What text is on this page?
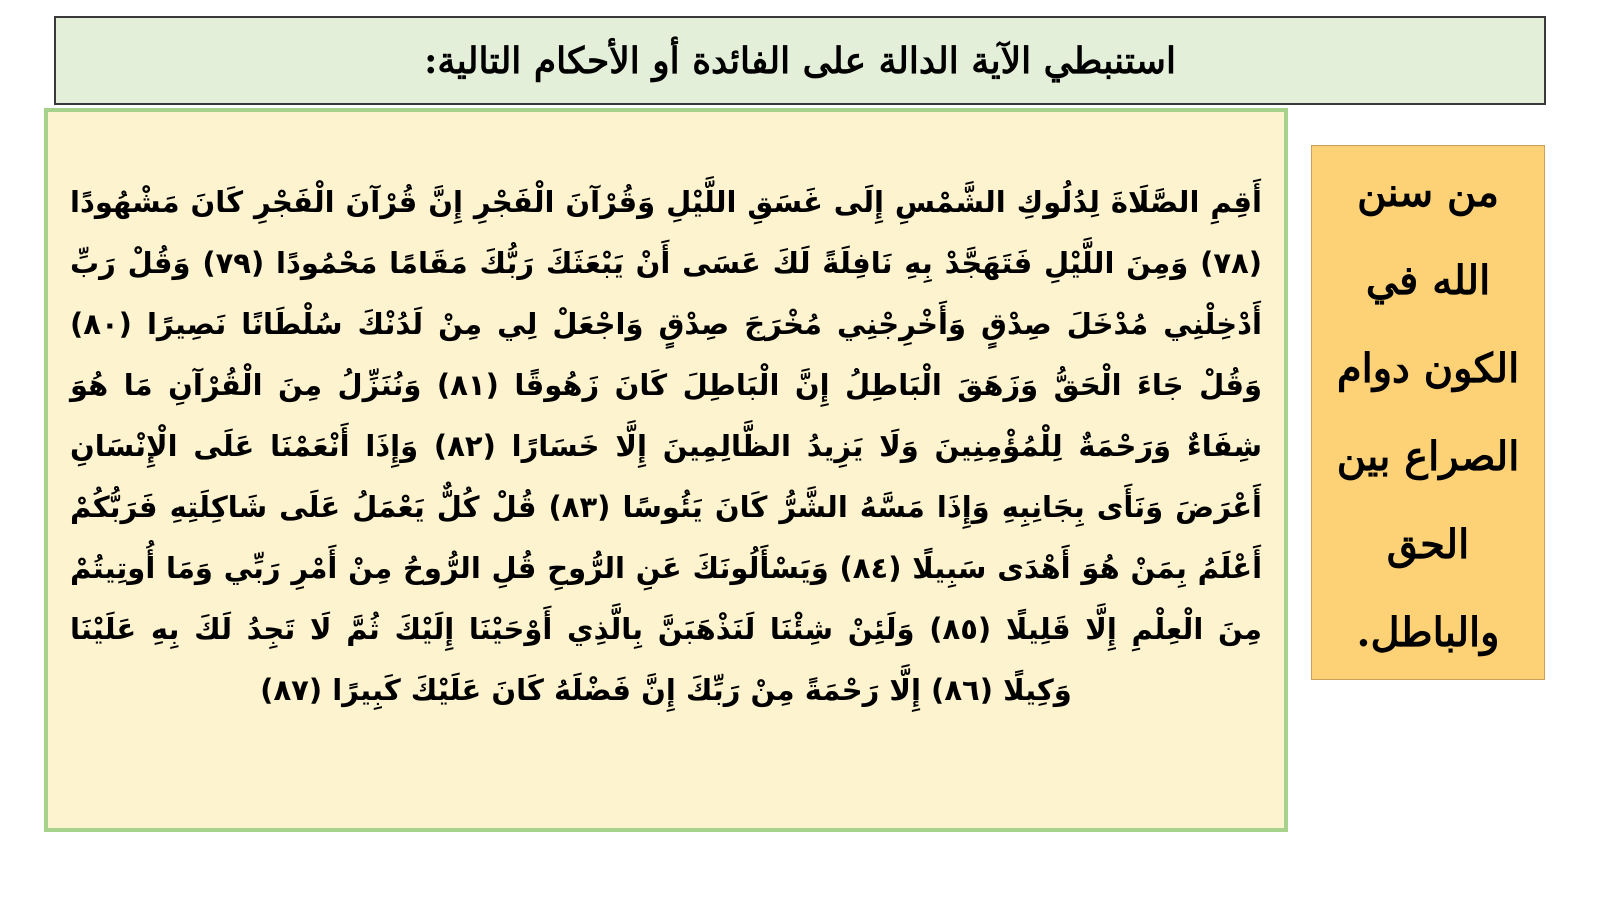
استنبطي الآية الدالة على الفائدة أو الأحكام التالية:
أَقِمِ الصَّلَاةَ لِدُلُوكِ الشَّمْسِ إِلَى غَسَقِ اللَّيْلِ وَقُرْآنَ الْفَجْرِ إِنَّ قُرْآنَ الْفَجْرِ كَانَ مَشْهُودًا (٧٨) وَمِنَ اللَّيْلِ فَتَهَجَّدْ بِهِ نَافِلَةً لَكَ عَسَى أَنْ يَبْعَثَكَ رَبُّكَ مَقَامًا مَحْمُودًا (٧٩) وَقُلْ رَبِّ أَدْخِلْنِي مُدْخَلَ صِدْقٍ وَأَخْرِجْنِي مُخْرَجَ صِدْقٍ وَاجْعَلْ لِي مِنْ لَدُنْكَ سُلْطَانًا نَصِيرًا (٨٠) وَقُلْ جَاءَ الْحَقُّ وَزَهَقَ الْبَاطِلُ إِنَّ الْبَاطِلَ كَانَ زَهُوقًا (٨١) وَنُنَزِّلُ مِنَ الْقُرْآنِ مَا هُوَ شِفَاءٌ وَرَحْمَةٌ لِلْمُؤْمِنِينَ وَلَا يَزِيدُ الظَّالِمِينَ إِلَّا خَسَارًا (٨٢) وَإِذَا أَنْعَمْنَا عَلَى الْإِنْسَانِ أَعْرَضَ وَنَأَى بِجَانِبِهِ وَإِذَا مَسَّهُ الشَّرُّ كَانَ يَئُوسًا (٨٣) قُلْ كُلٌّ يَعْمَلُ عَلَى شَاكِلَتِهِ فَرَبُّكُمْ أَعْلَمُ بِمَنْ هُوَ أَهْدَى سَبِيلًا (٨٤) وَيَسْأَلُونَكَ عَنِ الرُّوحِ قُلِ الرُّوحُ مِنْ أَمْرِ رَبِّي وَمَا أُوتِيتُمْ مِنَ الْعِلْمِ إِلَّا قَلِيلًا (٨٥) وَلَئِنْ شِئْنَا لَنَذْهَبَنَّ بِالَّذِي أَوْحَيْنَا إِلَيْكَ ثُمَّ لَا تَجِدُ لَكَ بِهِ عَلَيْنَا وَكِيلًا (٨٦) إِلَّا رَحْمَةً مِنْ رَبِّكَ إِنَّ فَضْلَهُ كَانَ عَلَيْكَ كَبِيرًا (٨٧)
من سنن
الله في
الكون دوام
الصراع بين
الحق
والباطل.
